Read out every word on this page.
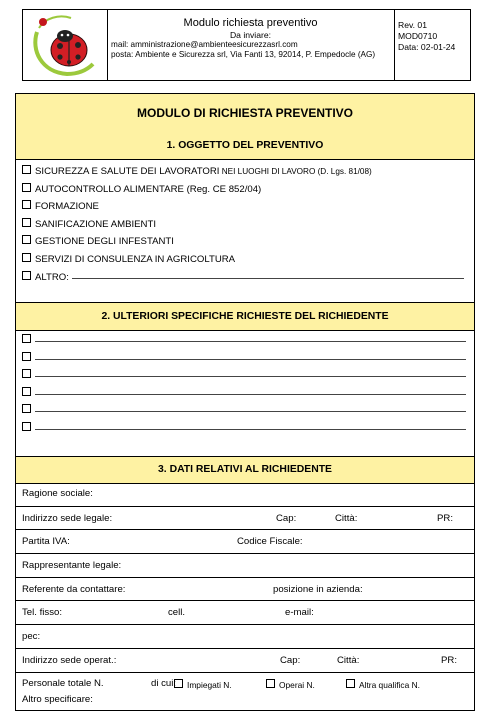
Modulo richiesta preventivo
Da inviare:
mail: amministrazione@ambienteesicurezzasrl.com
posta: Ambiente e Sicurezza srl, Via Fanti 13, 92014, P. Empedocle (AG)
Rev. 01
MOD0710
Data: 02-01-24
MODULO DI RICHIESTA PREVENTIVO
1. OGGETTO DEL PREVENTIVO
SICUREZZA E SALUTE DEI LAVORATORI NEI LUOGHI DI LAVORO (D. Lgs. 81/08)
AUTOCONTROLLO ALIMENTARE (Reg. CE 852/04)
FORMAZIONE
SANIFICAZIONE AMBIENTI
GESTIONE DEGLI INFESTANTI
SERVIZI DI CONSULENZA IN AGRICOLTURA
ALTRO:
2. ULTERIORI SPECIFICHE RICHIESTE DEL RICHIEDENTE
3. DATI RELATIVI AL RICHIEDENTE
Ragione sociale:
Indirizzo sede legale:	Cap:	Città:	PR:
Partita IVA:	Codice Fiscale:
Rappresentante legale:
Referente da contattare:	posizione in azienda:
Tel. fisso:	cell.	e-mail:
pec:
Indirizzo sede operat.:	Cap:	Città:	PR:
Personale totale N.	di cui:	Impiegati N.	Operai N.	Altra qualifica N.
Altro specificare:
